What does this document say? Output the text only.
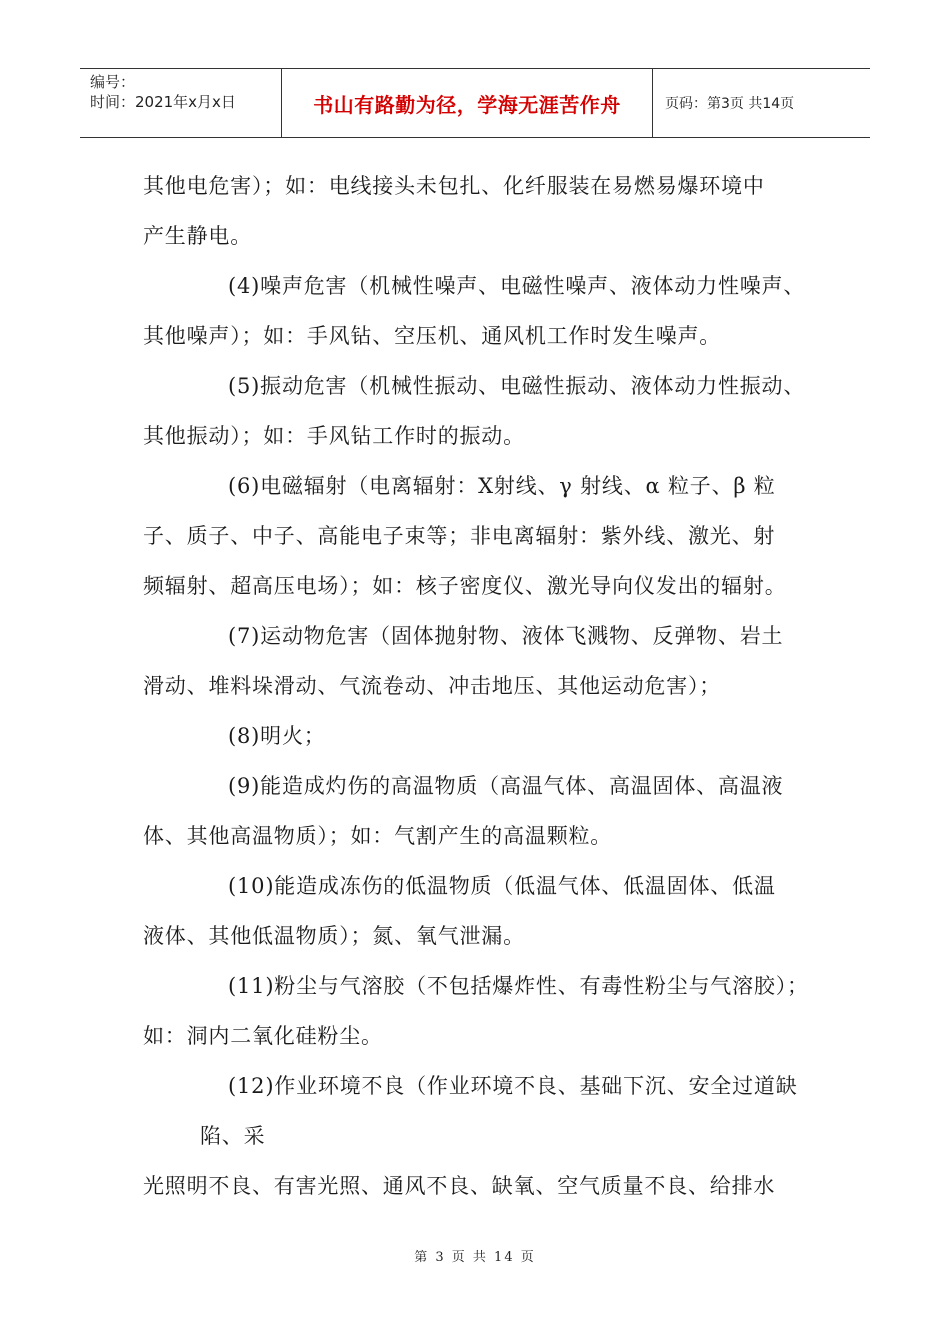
编号：
时间：2021年x月x日	书山有路勤为径，学海无涯苦作舟	页码：第3页 共14页
其他电危害）；如：电线接头未包扎、化纤服装在易燃易爆环境中
产生静电。
(4)噪声危害（机械性噪声、电磁性噪声、液体动力性噪声、
其他噪声）；如：手风钻、空压机、通风机工作时发生噪声。
(5)振动危害（机械性振动、电磁性振动、液体动力性振动、
其他振动）；如：手风钻工作时的振动。
(6)电磁辐射（电离辐射：X射线、γ 射线、α 粒子、β 粒
子、质子、中子、高能电子束等；非电离辐射：紫外线、激光、射
频辐射、超高压电场）；如：核子密度仪、激光导向仪发出的辐射。
(7)运动物危害（固体抛射物、液体飞溅物、反弹物、岩土
滑动、堆料垛滑动、气流卷动、冲击地压、其他运动危害）；
(8)明火；
(9)能造成灼伤的高温物质（高温气体、高温固体、高温液
体、其他高温物质）；如：气割产生的高温颗粒。
(10)能造成冻伤的低温物质（低温气体、低温固体、低温
液体、其他低温物质）；氮、氧气泄漏。
(11)粉尘与气溶胶（不包括爆炸性、有毒性粉尘与气溶胶）；
如：洞内二氧化硅粉尘。
(12)作业环境不良（作业环境不良、基础下沉、安全过道缺
陷、采
光照明不良、有害光照、通风不良、缺氧、空气质量不良、给排水
第 3 页 共 14 页
